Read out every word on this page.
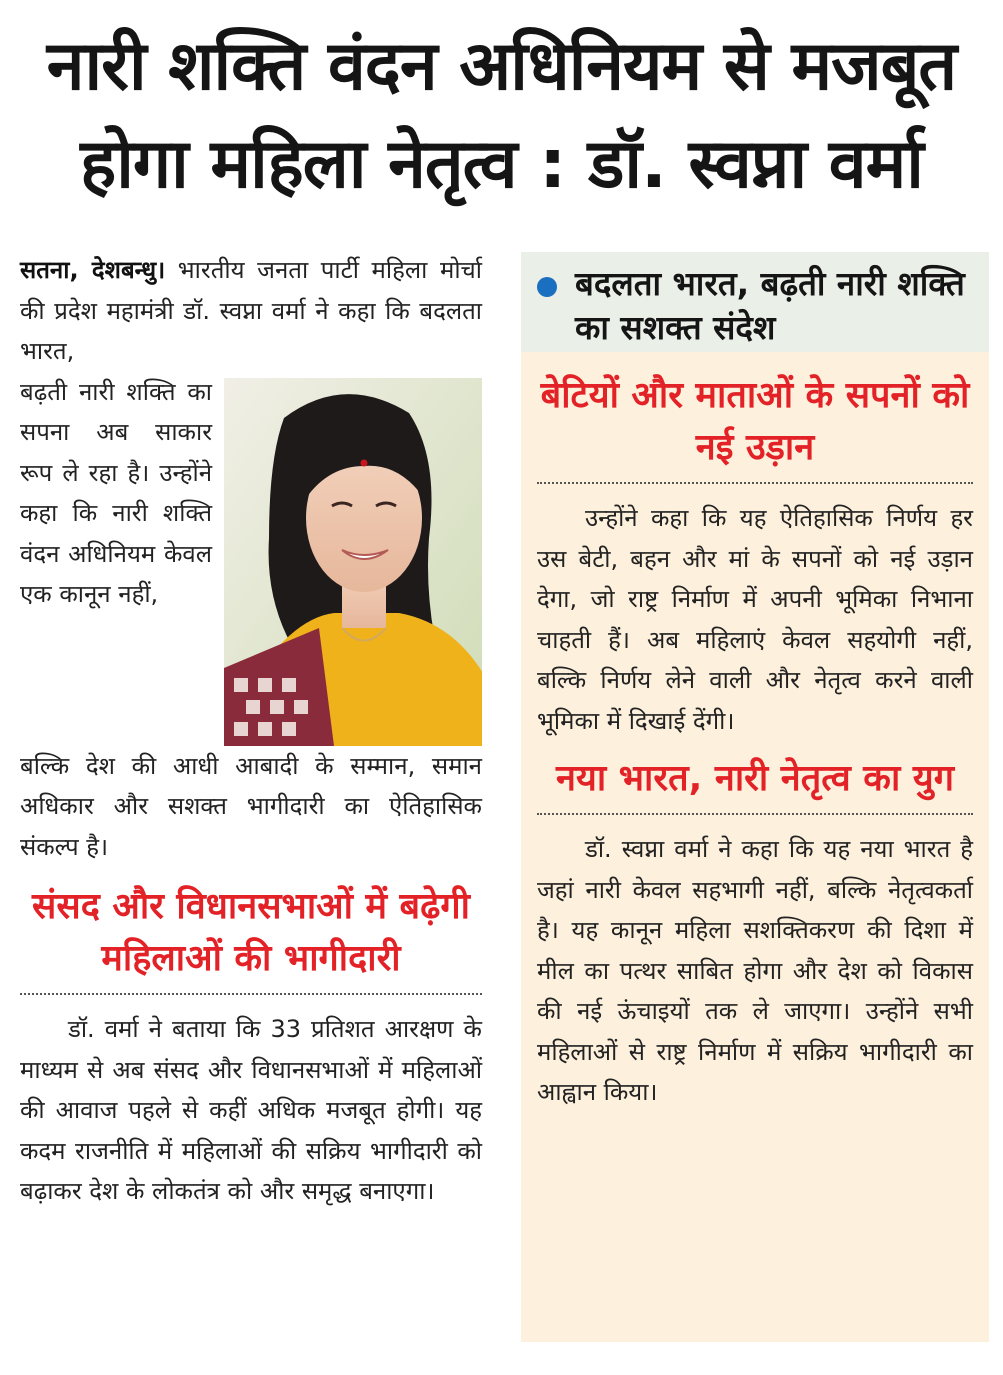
नारी शक्ति वंदन अधिनियम से मजबूत
होगा महिला नेतृत्व : डॉ. स्वप्ना वर्मा

सतना, देशबन्धु। भारतीय जनता पार्टी महिला मोर्चा की प्रदेश महामंत्री डॉ. स्वप्ना वर्मा ने कहा कि बदलता भारत,

बढ़ती नारी शक्ति का सपना अब साकार रूप ले रहा है। उन्होंने कहा कि नारी शक्ति वंदन अधिनियम केवल एक कानून नहीं,

बल्कि देश की आधी आबादी के सम्मान, समान अधिकार और सशक्त भागीदारी का ऐतिहासिक संकल्प है।

संसद और विधानसभाओं में बढ़ेगी महिलाओं की भागीदारी

डॉ. वर्मा ने बताया कि 33 प्रतिशत आरक्षण के माध्यम से अब संसद और विधानसभाओं में महिलाओं की आवाज पहले से कहीं अधिक मजबूत होगी। यह कदम राजनीति में महिलाओं की सक्रिय भागीदारी को बढ़ाकर देश के लोकतंत्र को और समृद्ध बनाएगा।

बदलता भारत, बढ़ती नारी शक्ति का सशक्त संदेश

बेटियों और माताओं के सपनों को नई उड़ान

उन्होंने कहा कि यह ऐतिहासिक निर्णय हर उस बेटी, बहन और मां के सपनों को नई उड़ान देगा, जो राष्ट्र निर्माण में अपनी भूमिका निभाना चाहती हैं। अब महिलाएं केवल सहयोगी नहीं, बल्कि निर्णय लेने वाली और नेतृत्व करने वाली भूमिका में दिखाई देंगी।

नया भारत, नारी नेतृत्व का युग

डॉ. स्वप्ना वर्मा ने कहा कि यह नया भारत है जहां नारी केवल सहभागी नहीं, बल्कि नेतृत्वकर्ता है। यह कानून महिला सशक्तिकरण की दिशा में मील का पत्थर साबित होगा और देश को विकास की नई ऊंचाइयों तक ले जाएगा। उन्होंने सभी महिलाओं से राष्ट्र निर्माण में सक्रिय भागीदारी का आह्वान किया।
